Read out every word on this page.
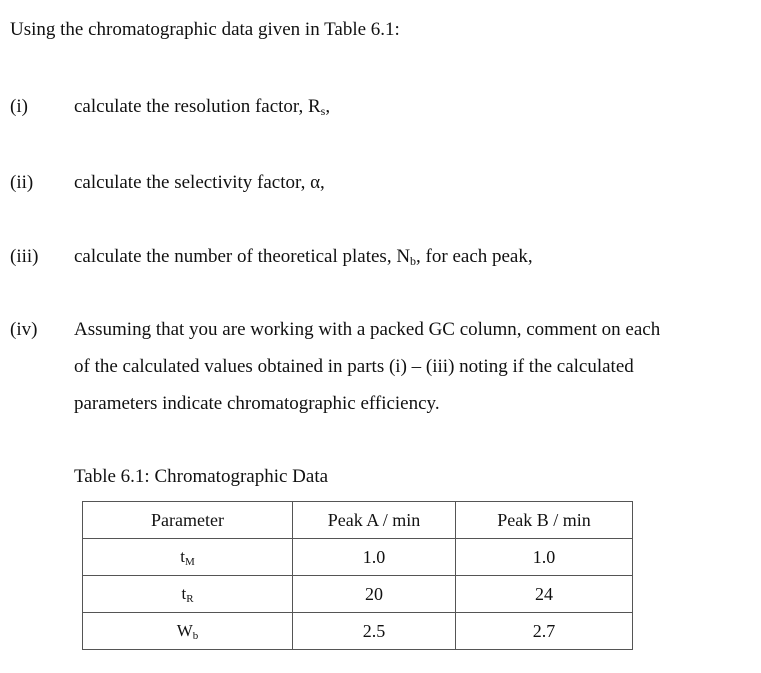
Using the chromatographic data given in Table 6.1:
(i) calculate the resolution factor, $R_s$,
(ii) calculate the selectivity factor, α,
(iii) calculate the number of theoretical plates, $N_b$, for each peak,
(iv) Assuming that you are working with a packed GC column, comment on each
of the calculated values obtained in parts (i) – (iii) noting if the calculated
parameters indicate chromatographic efficiency.
Table 6.1: Chromatographic Data
Parameter	Peak A / min	Peak B / min
$t_M$	1.0	1.0
$t_R$	20	24
$W_b$	2.5	2.7
